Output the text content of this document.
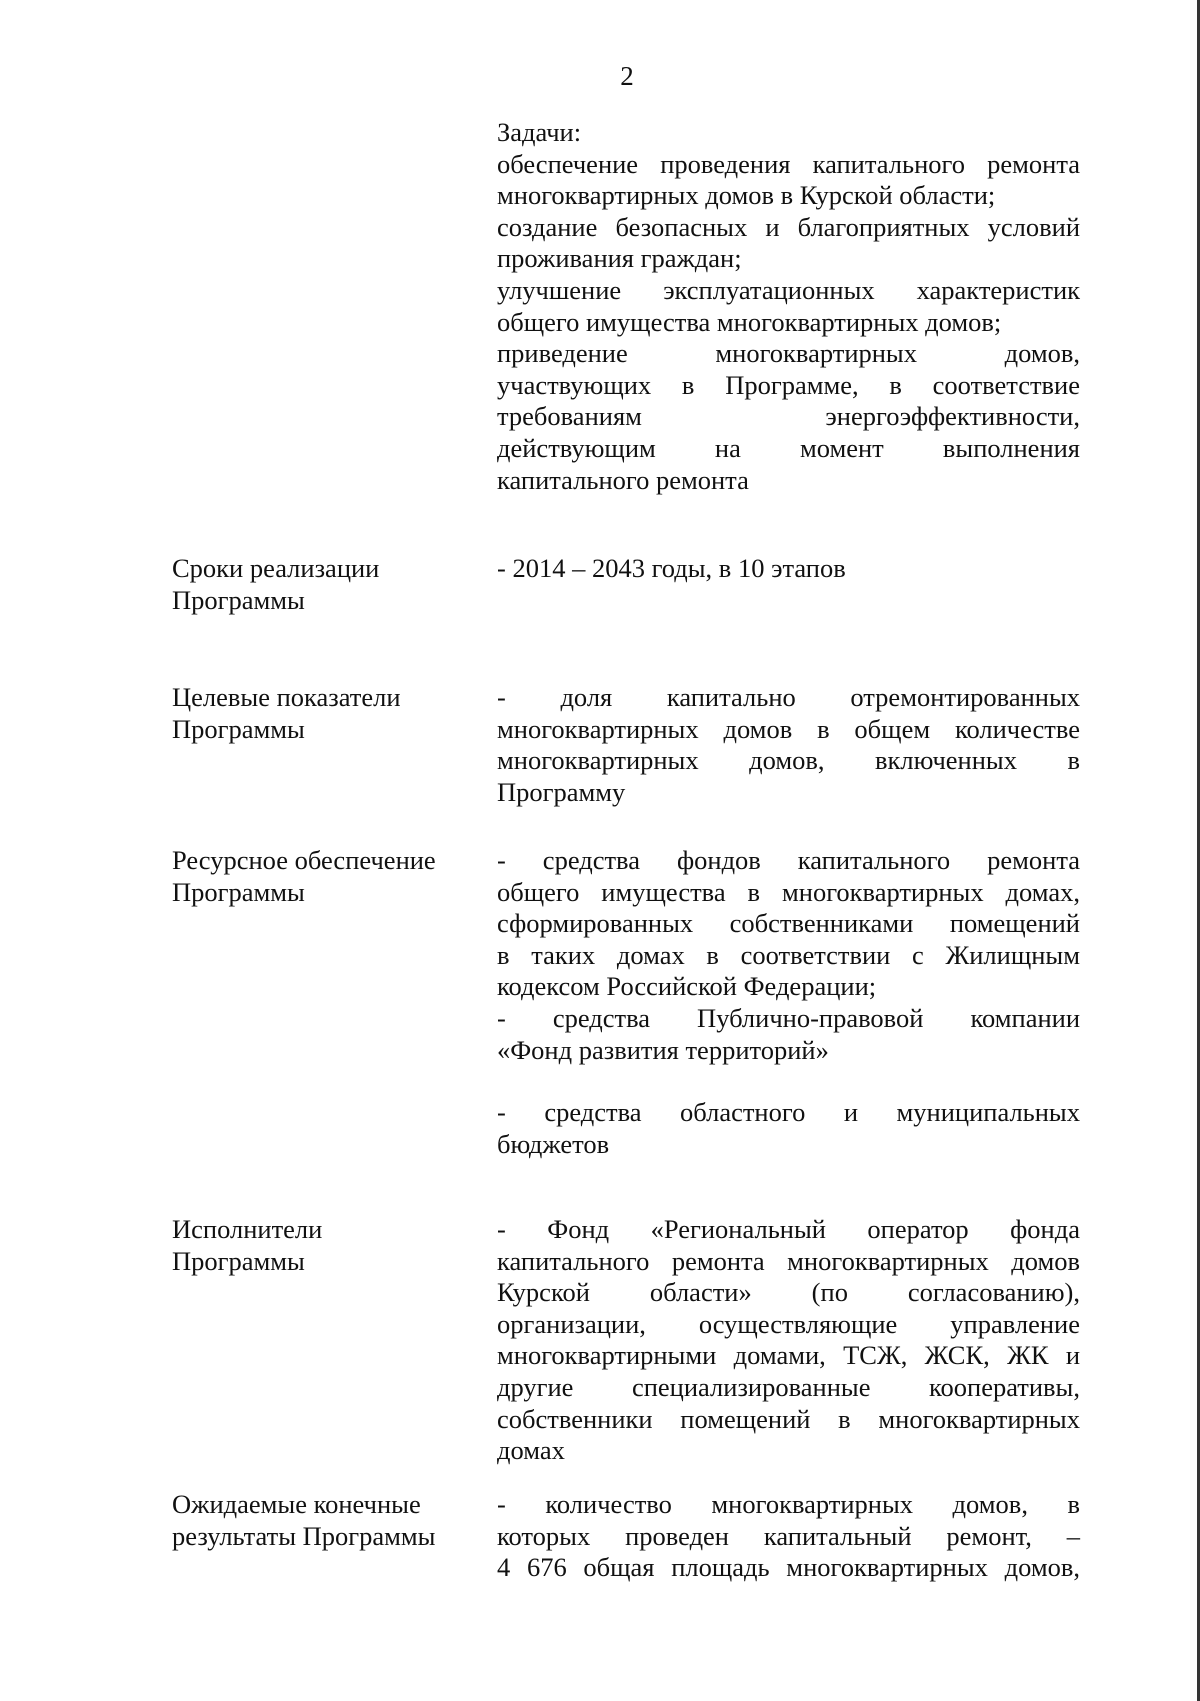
2

Задачи:

обеспечение проведения капитального ремонта

многоквартирных домов в Курской области;

создание безопасных и благоприятных условий

проживания граждан;

улучшение эксплуатационных характеристик

общего имущества многоквартирных домов;

приведение многоквартирных домов,

участвующих в Программе, в соответствие

требованиям энергоэффективности,

действующим на момент выполнения

капитального ремонта

Сроки реализации

Программы

- 2014 – 2043 годы, в 10 этапов

Целевые показатели

Программы

- доля капитально отремонтированных

многоквартирных домов в общем количестве

многоквартирных домов, включенных в

Программу

Ресурсное обеспечение

Программы

- средства фондов капитального ремонта

общего имущества в многоквартирных домах,

сформированных собственниками помещений

в таких домах в соответствии с Жилищным

кодексом Российской Федерации;

- средства Публично-правовой компании

«Фонд развития территорий»

- средства областного и муниципальных

бюджетов

Исполнители

Программы

- Фонд «Региональный оператор фонда

капитального ремонта многоквартирных домов

Курской области» (по согласованию),

организации, осуществляющие управление

многоквартирными домами, ТСЖ, ЖСК, ЖК и

другие специализированные кооперативы,

собственники помещений в многоквартирных

домах

Ожидаемые конечные

результаты Программы

- количество многоквартирных домов, в

которых проведен капитальный ремонт, –

4 676 общая площадь многоквартирных домов,
